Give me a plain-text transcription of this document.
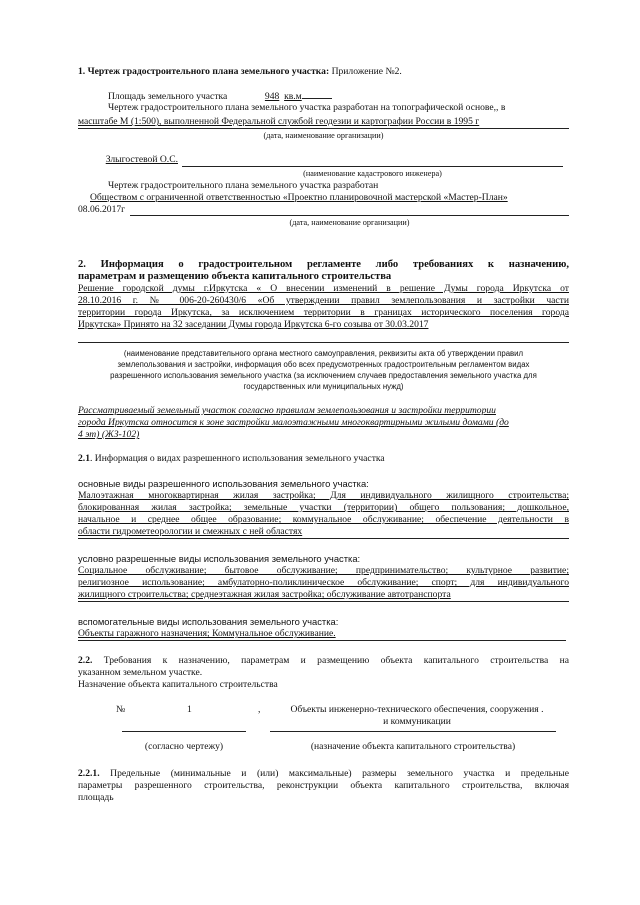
1. Чертеж градостроительного плана земельного участка: Приложение №2.
Площадь земельного участка	948 кв.м
Чертеж градостроительного плана земельного участка разработан на топографической основе,, в
масштабе М (1:500), выполненной Федеральной службой геодезии и картографии России в 1995 г
(дата, наименование организации)
Злыгостевой О.С.
(наименование кадастрового инженера)
Чертеж градостроительного плана земельного участка разработан
Обществом с ограниченной ответственностью «Проектно планировочной мастерской «Мастер-План»
08.06.2017г
(дата, наименование организации)
2. Информация о градостроительном регламенте либо требованиях к назначению,
параметрам и размещению объекта капитального строительства
Решение городской думы г.Иркутска « О внесении изменений в решение Думы города Иркутска от
28.10.2016 г. № 006-20-260430/6 «Об утверждении правил землепользования и застройки части
территории города Иркутска, за исключением территории в границах исторического поселения города
Иркутска» Принято на 32 заседании Думы города Иркутска 6-го созыва от 30.03.2017
(наименование представительного органа местного самоуправления, реквизиты акта об утверждении правил
землепользования и застройки, информация обо всех предусмотренных градостроительным регламентом видах
разрешенного использования земельного участка (за исключением случаев предоставления земельного участка для
государственных или муниципальных нужд)
Рассматриваемый земельный участок согласно правилам землепользования и застройки территории
города Иркутска относится к зоне застройки малоэтажными многоквартирными жилыми домами (до
4 эт) (ЖЗ-102)
2.1. Информация о видах разрешенного использования земельного участка
основные виды разрешенного использования земельного участка:
Малоэтажная многоквартирная жилая застройка; Для индивидуального жилищного строительства;
блокированная жилая застройка; земельные участки (территории) общего пользования; дошкольное,
начальное и среднее общее образование; коммунальное обслуживание; обеспечение деятельности в
области гидрометеорологии и смежных с ней областях
условно разрешенные виды использования земельного участка:
Социальное обслуживание; бытовое обслуживание; предпринимательство; культурное развитие;
религиозное использование; амбулаторно-поликлиническое обслуживание; спорт; для индивидуального
жилищного строительства; среднеэтажная жилая застройка; обслуживание автотранспорта
вспомогательные виды использования земельного участка:
Объекты гаражного назначения; Коммунальное обслуживание.
2.2. Требования к назначению, параметрам и размещению объекта капитального строительства на
указанном земельном участке.
Назначение объекта капитального строительства
№	1	,	Объекты инженерно-технического обеспечения, сооружения .
и коммуникации
(согласно чертежу)	(назначение объекта капитального строительства)
2.2.1. Предельные (минимальные и (или) максимальные) размеры земельного участка и предельные
параметры разрешенного строительства, реконструкции объекта капитального строительства, включая
площадь
